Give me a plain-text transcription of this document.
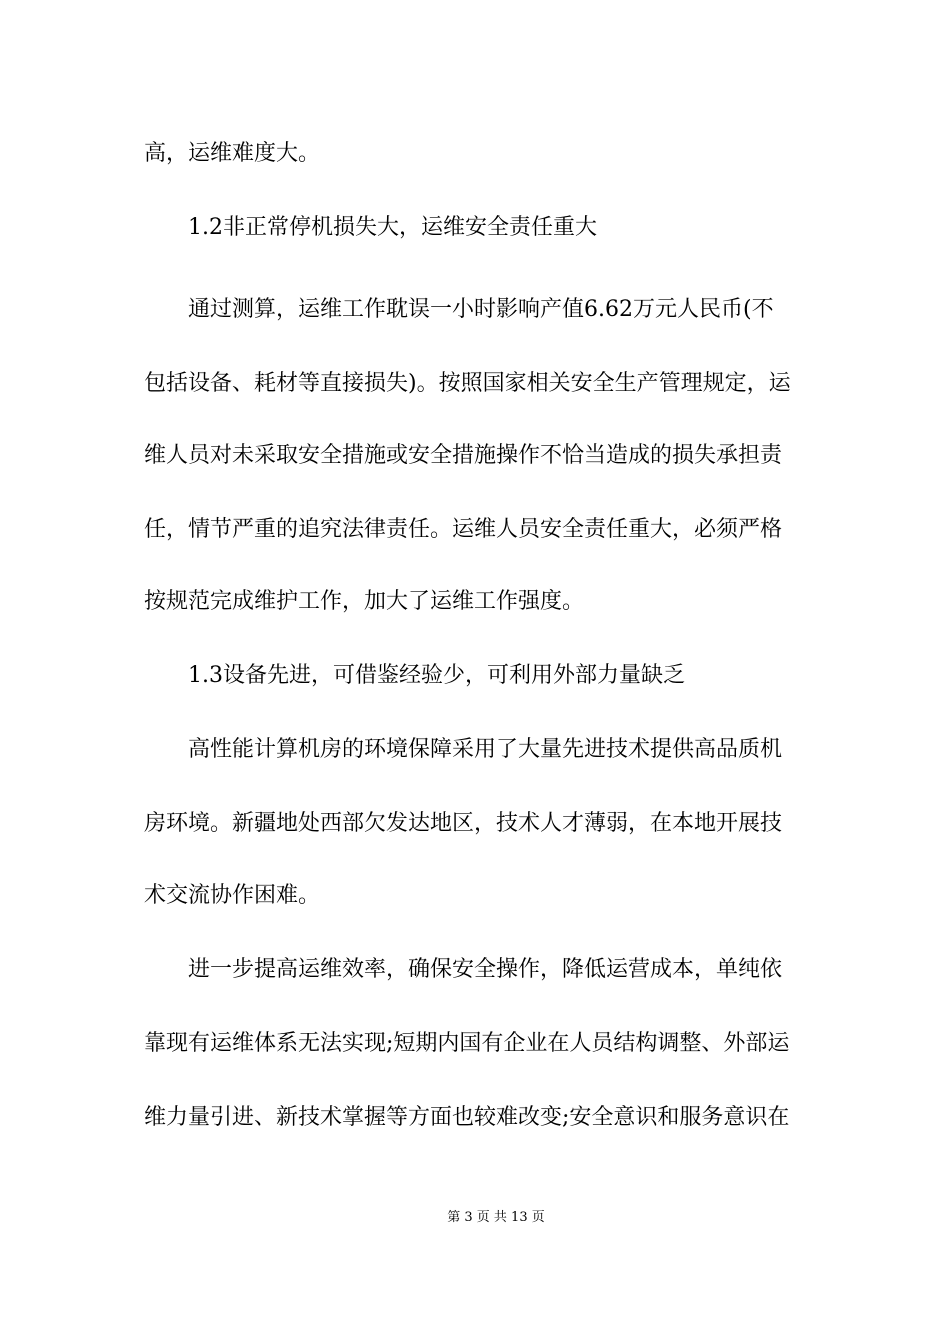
高，运维难度大。
1.2非正常停机损失大，运维安全责任重大
通过测算，运维工作耽误一小时影响产值6.62万元人民币(不
包括设备、耗材等直接损失)。按照国家相关安全生产管理规定，运
维人员对未采取安全措施或安全措施操作不恰当造成的损失承担责
任，情节严重的追究法律责任。运维人员安全责任重大，必须严格
按规范完成维护工作，加大了运维工作强度。
1.3设备先进，可借鉴经验少，可利用外部力量缺乏
高性能计算机房的环境保障采用了大量先进技术提供高品质机
房环境。新疆地处西部欠发达地区，技术人才薄弱，在本地开展技
术交流协作困难。
进一步提高运维效率，确保安全操作，降低运营成本，单纯依
靠现有运维体系无法实现;短期内国有企业在人员结构调整、外部运
维力量引进、新技术掌握等方面也较难改变;安全意识和服务意识在
第 3 页 共 13 页
